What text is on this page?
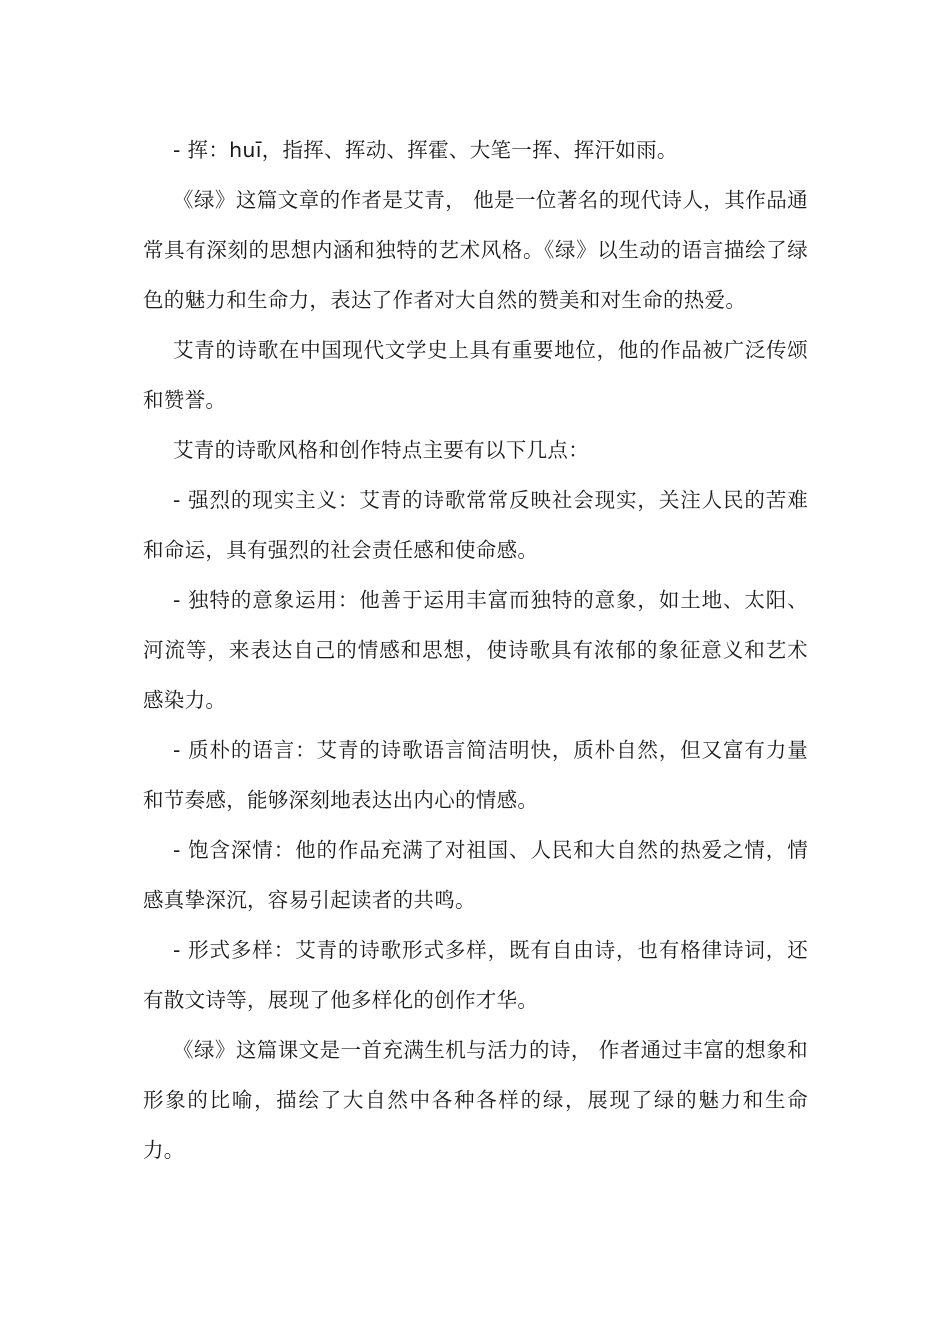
- 挥：huī，指挥、挥动、挥霍、大笔一挥、挥汗如雨。

《绿》这篇文章的作者是艾青， 他是一位著名的现代诗人，其作品通常具有深刻的思想内涵和独特的艺术风格。《绿》以生动的语言描绘了绿色的魅力和生命力，表达了作者对大自然的赞美和对生命的热爱。

艾青的诗歌在中国现代文学史上具有重要地位，他的作品被广泛传颂和赞誉。

艾青的诗歌风格和创作特点主要有以下几点：

- 强烈的现实主义：艾青的诗歌常常反映社会现实，关注人民的苦难和命运，具有强烈的社会责任感和使命感。

- 独特的意象运用：他善于运用丰富而独特的意象，如土地、太阳、河流等，来表达自己的情感和思想，使诗歌具有浓郁的象征意义和艺术感染力。

- 质朴的语言：艾青的诗歌语言简洁明快，质朴自然，但又富有力量和节奏感，能够深刻地表达出内心的情感。

- 饱含深情：他的作品充满了对祖国、人民和大自然的热爱之情，情感真挚深沉，容易引起读者的共鸣。

- 形式多样：艾青的诗歌形式多样，既有自由诗，也有格律诗词，还有散文诗等，展现了他多样化的创作才华。

《绿》这篇课文是一首充满生机与活力的诗， 作者通过丰富的想象和形象的比喻，描绘了大自然中各种各样的绿，展现了绿的魅力和生命力。
